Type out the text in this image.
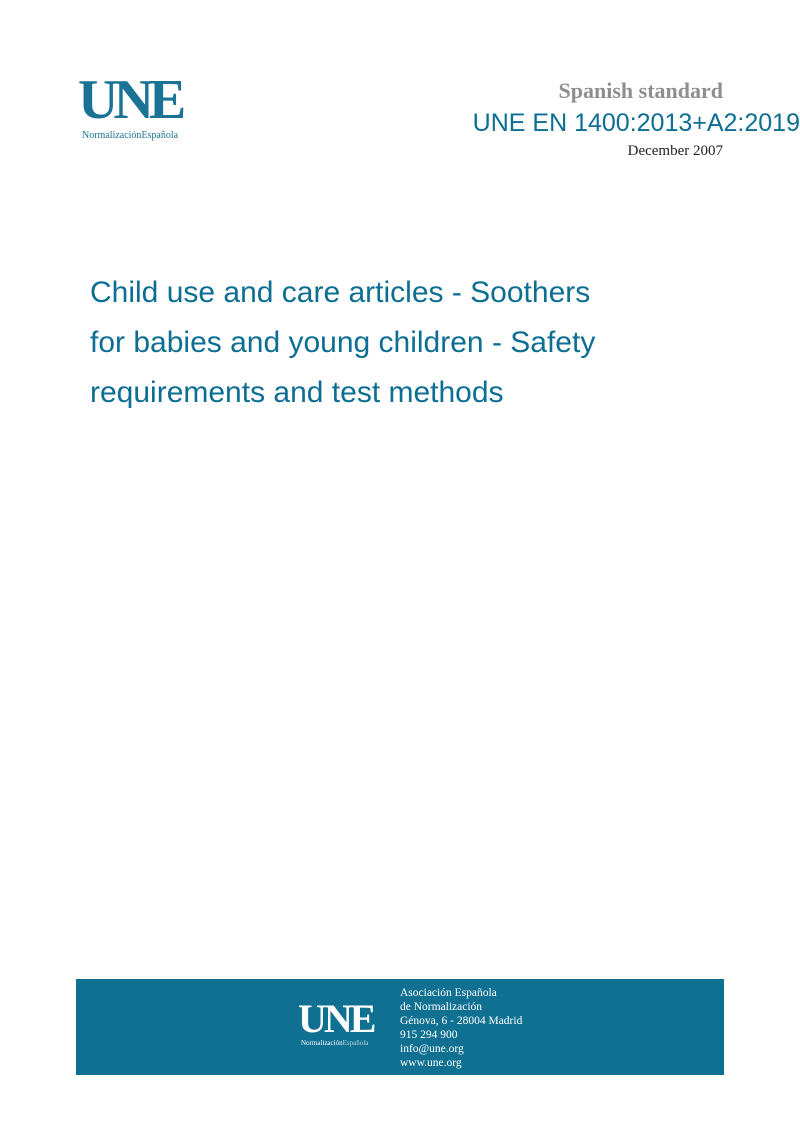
UNE
NormalizaciónEspañola
Spanish standard
UNE EN 1400:2013+A2:2019
December 2007
Child use and care articles - Soothers
for babies and young children - Safety
requirements and test methods
UNE
NormalizaciónEspañola
Asociación Española
de Normalización
Génova, 6 - 28004 Madrid
915 294 900
info@une.org
www.une.org
